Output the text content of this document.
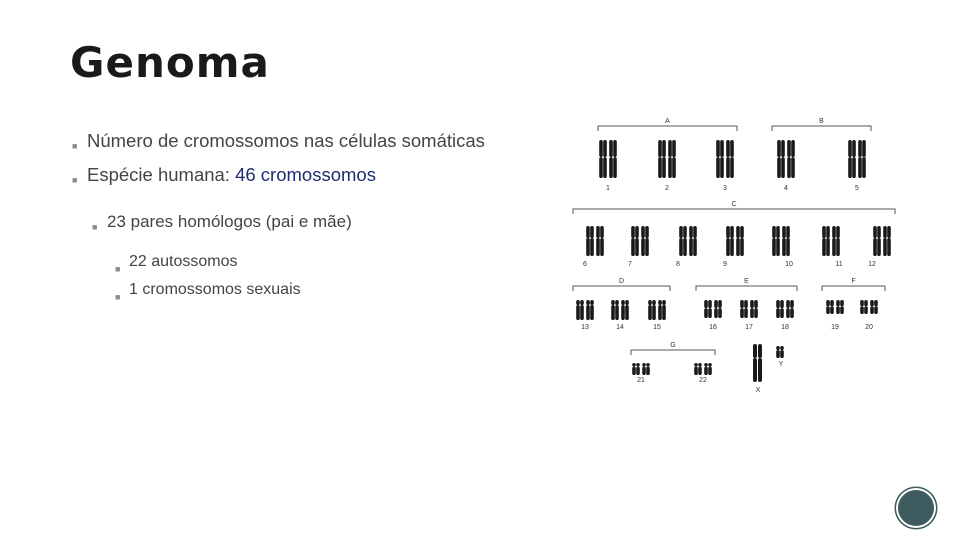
Genoma
■ Número de cromossomos nas células somáticas
■ Espécie humana: 46 cromossomos
■ 23 pares homólogos (pai e mãe)
■ 22 autossomos
■ 1 cromossomos sexuais
A	B
1	2	3	4	5
C
6	7	8	9	10	11	12
D	E	F
13	14	15	16	17	18	19	20
G
21	22
X
Y
